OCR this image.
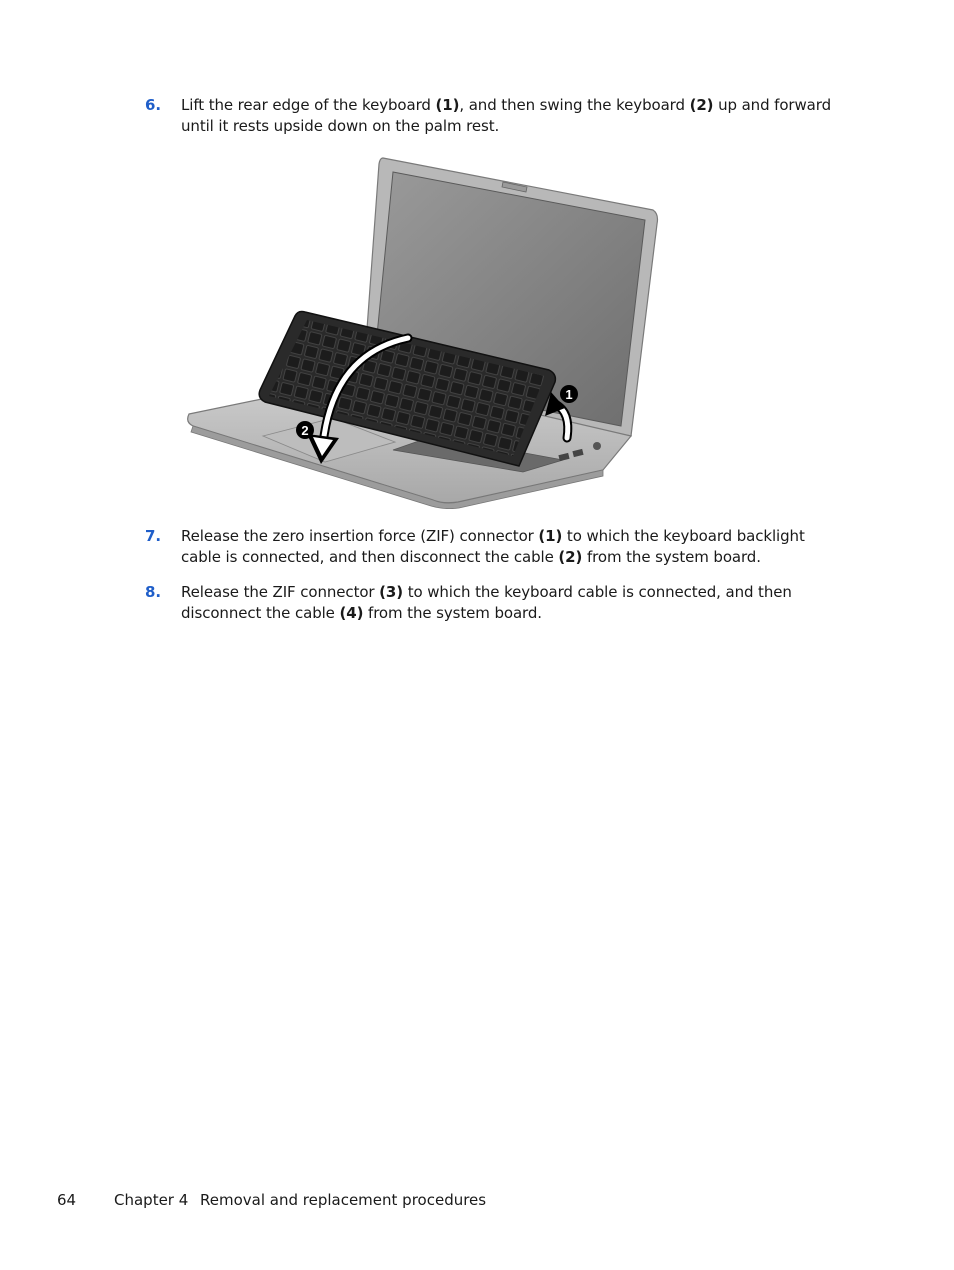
6. Lift the rear edge of the keyboard (1), and then swing the keyboard (2) up and forward until it rests upside down on the palm rest.
1
2
7. Release the zero insertion force (ZIF) connector (1) to which the keyboard backlight cable is connected, and then disconnect the cable (2) from the system board.
8. Release the ZIF connector (3) to which the keyboard cable is connected, and then disconnect the cable (4) from the system board.
64	Chapter 4 Removal and replacement procedures
